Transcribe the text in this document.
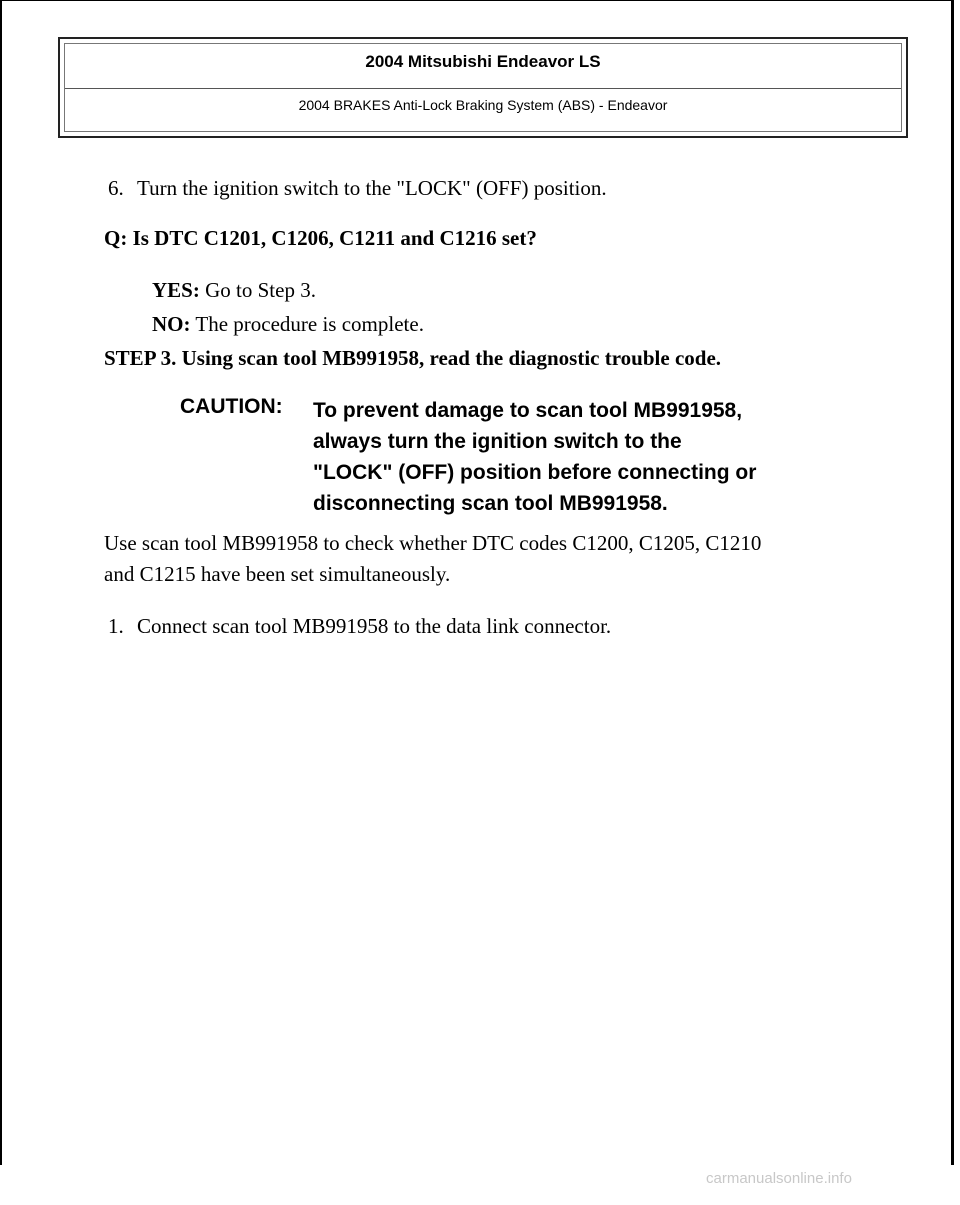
2004 Mitsubishi Endeavor LS
2004 BRAKES Anti-Lock Braking System (ABS) - Endeavor
6. Turn the ignition switch to the "LOCK" (OFF) position.
Q: Is DTC C1201, C1206, C1211 and C1216 set?
YES: Go to Step 3.
NO: The procedure is complete.
STEP 3. Using scan tool MB991958, read the diagnostic trouble code.
CAUTION: To prevent damage to scan tool MB991958,
always turn the ignition switch to the
"LOCK" (OFF) position before connecting or
disconnecting scan tool MB991958.
Use scan tool MB991958 to check whether DTC codes C1200, C1205, C1210
and C1215 have been set simultaneously.
1. Connect scan tool MB991958 to the data link connector.
carmanualsonline.info
